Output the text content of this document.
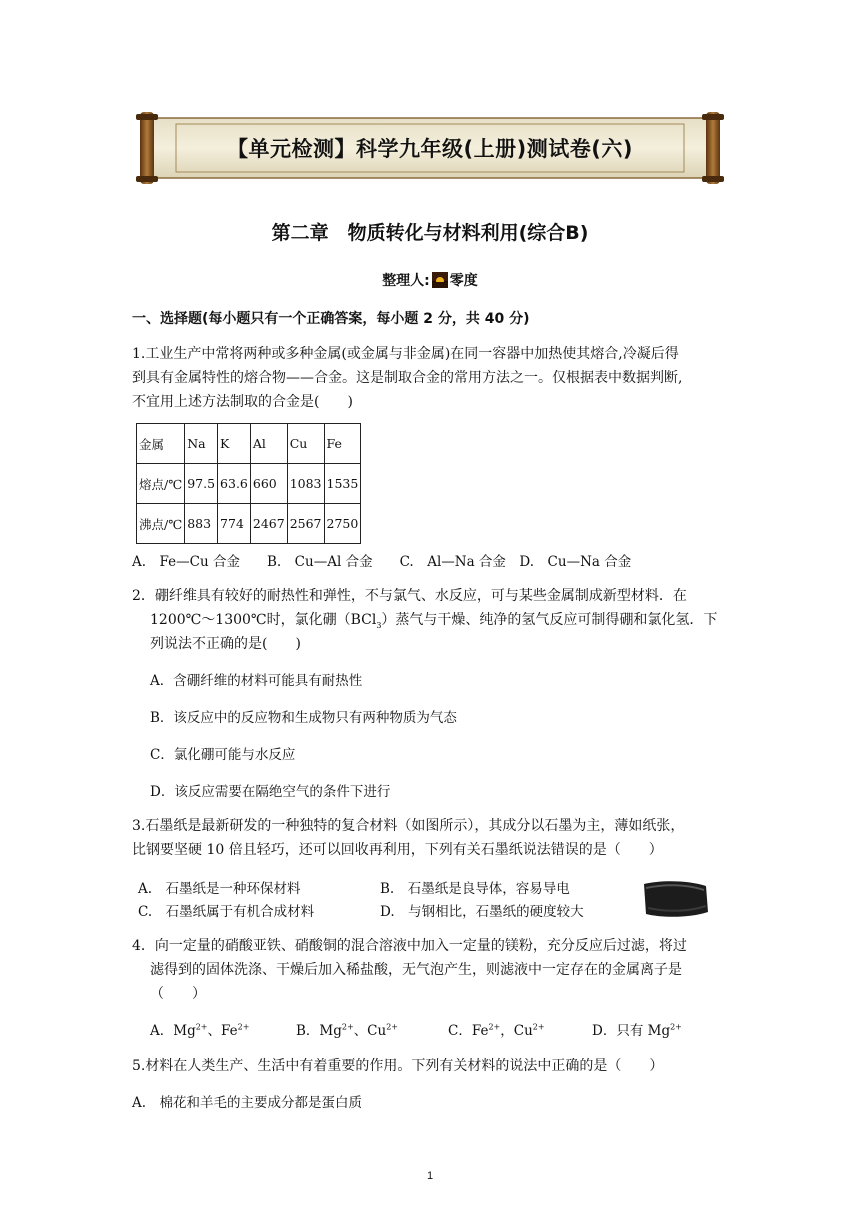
【单元检测】科学九年级(上册)测试卷(六)
第二章　物质转化与材料利用(综合B)
整理人: 零度
一、选择题(每小题只有一个正确答案，每小题 2 分，共 40 分)
1.工业生产中常将两种或多种金属(或金属与非金属)在同一容器中加热使其熔合,冷凝后得
到具有金属特性的熔合物——合金。这是制取合金的常用方法之一。仅根据表中数据判断,
不宜用上述方法制取的合金是(　　)
金属	Na	K	Al	Cu	Fe
熔点/℃	97.5	63.6	660	1083	1535
沸点/℃	883	774	2467	2567	2750
A.　Fe—Cu 合金　　B.　Cu—Al 合金　　C.　Al—Na 合金　D.　Cu—Na 合金
2．硼纤维具有较好的耐热性和弹性，不与氯气、水反应，可与某些金属制成新型材料．在
1200℃～1300℃时，氯化硼（BCl$_3$）蒸气与干燥、纯净的氢气反应可制得硼和氯化氢．下
列说法不正确的是(　　)
A．含硼纤维的材料可能具有耐热性
B．该反应中的反应物和生成物只有两种物质为气态
C．氯化硼可能与水反应
D．该反应需要在隔绝空气的条件下进行
3.石墨纸是最新研发的一种独特的复合材料（如图所示），其成分以石墨为主，薄如纸张，
比钢要坚硬 10 倍且轻巧，还可以回收再利用，下列有关石墨纸说法错误的是（　　）
A.　石墨纸是一种环保材料	B.　石墨纸是良导体，容易导电
C.　石墨纸属于有机合成材料	D.　与钢相比，石墨纸的硬度较大
4．向一定量的硝酸亚铁、硝酸铜的混合溶液中加入一定量的镁粉，充分反应后过滤，将过
滤得到的固体洗涤、干燥后加入稀盐酸，无气泡产生，则滤液中一定存在的金属离子是
（　　）
A．$Mg^{2+}$、$Fe^{2+}$	B．$Mg^{2+}$、$Cu^{2+}$	C．$Fe^{2+}$，$Cu^{2+}$	D．只有 $Mg^{2+}$
5.材料在人类生产、生活中有着重要的作用。下列有关材料的说法中正确的是（　　）
A.　棉花和羊毛的主要成分都是蛋白质
1
